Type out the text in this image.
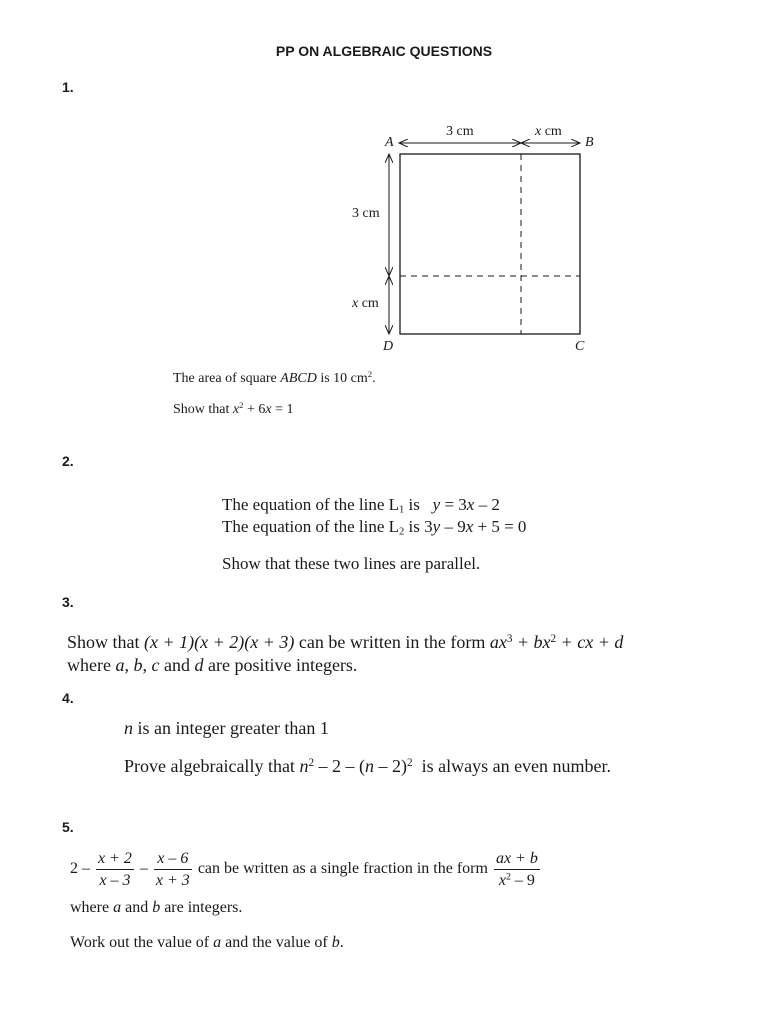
PP ON ALGEBRAIC QUESTIONS
1.
A	B
C
D
3 cm	x cm
3 cm
x cm
The area of square ABCD is 10 $cm^2$.
Show that $x^2 + 6x = 1$
2.
The equation of the line $L_1$ is   y = 3x – 2
The equation of the line $L_2$ is 3y – 9x + 5 = 0
Show that these two lines are parallel.
3.
Show that (x + 1)(x + 2)(x + 3) can be written in the form $ax^3 + bx^2$ + cx + d
where a, b, c and d are positive integers.
4.
n is an integer greater than 1
Prove algebraically that $n^2 - 2 - (n - 2)^2$  is always an even number.
5.
$2 - \frac{x + 2}{x - 3} - \frac{x - 6}{x + 3}$ can be written as a single fraction in the form $\frac{ax + b}{x^2 - 9}$
where a and b are integers.
Work out the value of a and the value of b.
